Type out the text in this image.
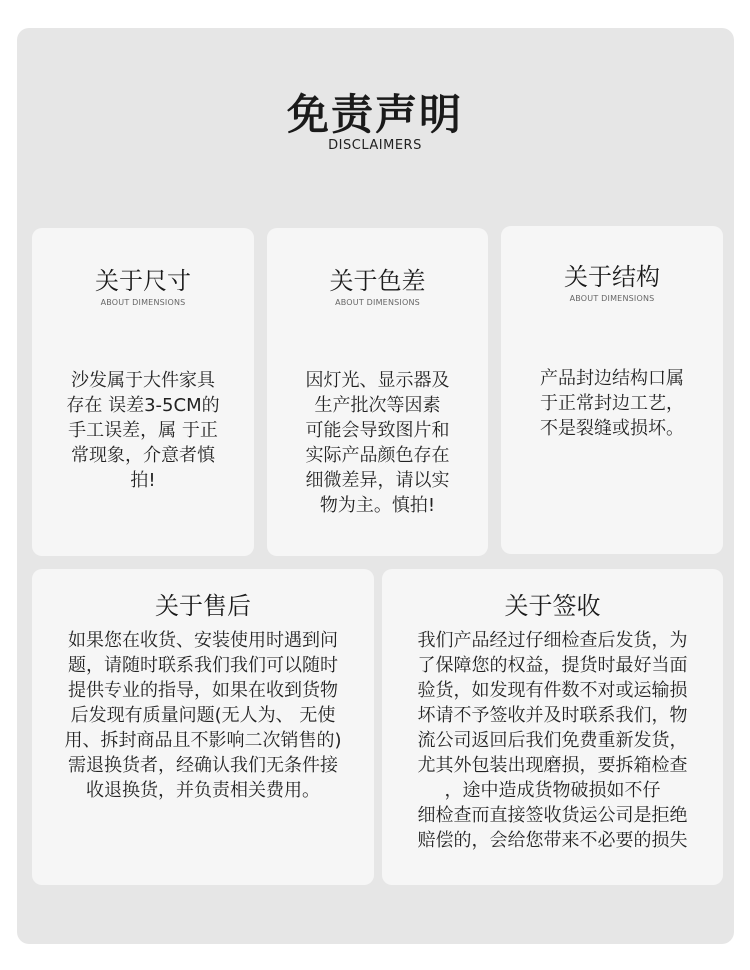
免责声明
DISCLAIMERS
关于尺寸
ABOUT DIMENSIONS
沙发属于大件家具
存在 误差3-5CM的
手工误差，属 于正
常现象，介意者慎
拍!
关于色差
ABOUT DIMENSIONS
因灯光、显示器及
生产批次等因素
可能会导致图片和
实际产品颜色存在
细微差异，请以实
物为主。慎拍!
关于结构
ABOUT DIMENSIONS
产品封边结构口属
于正常封边工艺，
不是裂缝或损坏。
关于售后
如果您在收货、安装使用时遇到问
题，请随时联系我们我们可以随时
提供专业的指导，如果在收到货物
后发现有质量问题(无人为、 无使
用、拆封商品且不影响二次销售的)
需退换货者，经确认我们无条件接
收退换货，并负责相关费用。
关于签收
我们产品经过仔细检查后发货，为
了保障您的权益，提货时最好当面
验货，如发现有件数不对或运输损
坏请不予签收并及时联系我们，物
流公司返回后我们免费重新发货，
尤其外包装出现磨损，要拆箱检查
，途中造成货物破损如不仔
细检查而直接签收货运公司是拒绝
赔偿的，会给您带来不必要的损失
